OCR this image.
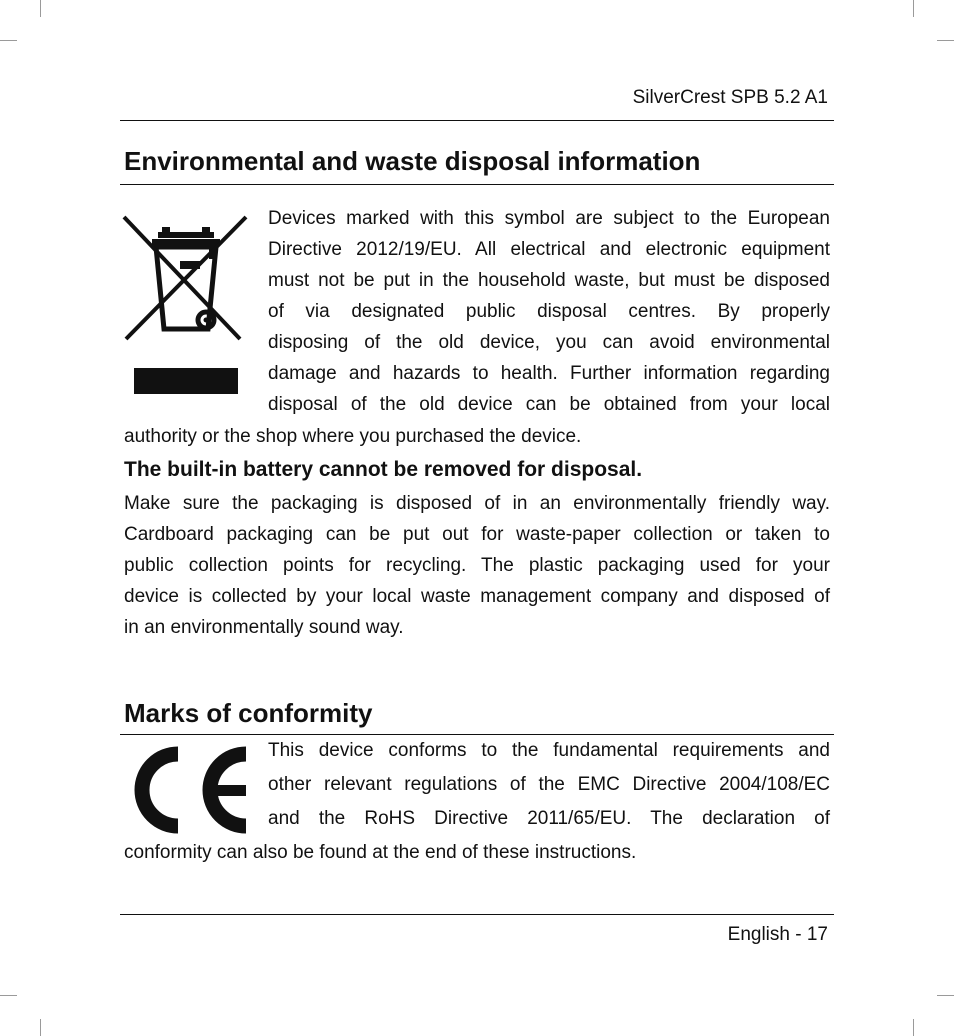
SilverCrest SPB 5.2 A1
Environmental and waste disposal information

Devices marked with this symbol are subject to the European
Directive 2012/19/EU. All electrical and electronic equipment
must not be put in the household waste, but must be disposed
of via designated public disposal centres. By properly
disposing of the old device, you can avoid environmental
damage and hazards to health. Further information regarding
disposal of the old device can be obtained from your local

authority or the shop where you purchased the device.

The built-in battery cannot be removed for disposal.

Make sure the packaging is disposed of in an environmentally friendly way.
Cardboard packaging can be put out for waste-paper collection or taken to
public collection points for recycling. The plastic packaging used for your
device is collected by your local waste management company and disposed of

in an environmentally sound way.

Marks of conformity

This device conforms to the fundamental requirements and
other relevant regulations of the EMC Directive 2004/108/EC
and the RoHS Directive 2011/65/EU. The declaration of

conformity can also be found at the end of these instructions.

English - 17
